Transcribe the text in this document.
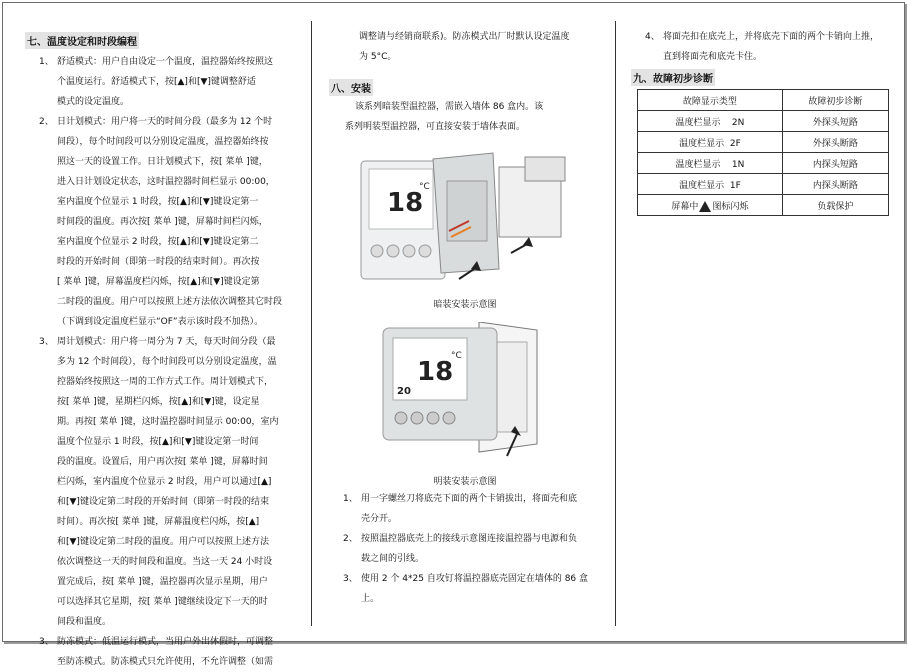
七、温度设定和时段编程

1、 舒适模式：用户自由设定一个温度，温控器始终按照这

个温度运行。舒适模式下，按[▲]和[▼]键调整舒适

模式的设定温度。

2、 日计划模式：用户将一天的时间分段（最多为 12 个时

间段），每个时间段可以分别设定温度，温控器始终按

照这一天的设置工作。日计划模式下，按[ 菜单 ]键，

进入日计划设定状态，这时温控器时间栏显示 00:00，

室内温度个位显示 1 时段，按[▲]和[▼]键设定第一

时间段的温度。再次按[ 菜单 ]键，屏幕时间栏闪烁，

室内温度个位显示 2 时段，按[▲]和[▼]键设定第二

时段的开始时间（即第一时段的结束时间）。再次按

[ 菜单 ]键，屏幕温度栏闪烁，按[▲]和[▼]键设定第

二时段的温度。用户可以按照上述方法依次调整其它时段

（下调到设定温度栏显示“OF”表示该时段不加热）。

3、 周计划模式：用户将一周分为 7 天，每天时间分段（最

多为 12 个时间段），每个时间段可以分别设定温度，温

控器始终按照这一周的工作方式工作。周计划模式下，

按[ 菜单 ]键，星期栏闪烁，按[▲]和[▼]键，设定星

期。再按[ 菜单 ]键，这时温控器时间显示 00:00，室内

温度个位显示 1 时段，按[▲]和[▼]键设定第一时间

段的温度。设置后，用户再次按[ 菜单 ]键，屏幕时间

栏闪烁，室内温度个位显示 2 时段，用户可以通过[▲]

和[▼]键设定第二时段的开始时间（即第一时段的结束

时间）。再次按[ 菜单 ]键，屏幕温度栏闪烁，按[▲]

和[▼]键设定第二时段的温度。用户可以按照上述方法

依次调整这一天的时间段和温度。当这一天 24 小时设

置完成后，按[ 菜单 ]键，温控器再次显示星期，用户

可以选择其它星期，按[ 菜单 ]键继续设定下一天的时

间段和温度。

3、 防冻模式：低温运行模式，当用户外出休假时，可调整

至防冻模式。防冻模式只允许使用，不允许调整（如需

调整请与经销商联系)。防冻模式出厂时默认设定温度

为 5°C。

八、安装

该系列暗装型温控器，需嵌入墙体 86 盒内。该

系列明装型温控器，可直接安装于墙体表面。

18
°C

暗装安装示意图

18
°C
20

明装安装示意图

1、 用一字螺丝刀将底壳下面的两个卡销拔出，将面壳和底

壳分开。

2、 按照温控器底壳上的接线示意图连接温控器与电源和负

载之间的引线。

3、 使用 2 个 4*25 自攻钉将温控器底壳固定在墙体的 86 盒

上。

4、 将面壳扣在底壳上，并将底壳下面的两个卡销向上推，

直到将面壳和底壳卡住。

九、故障初步诊断

故障显示类型	故障初步诊断
温度栏显示    2N	外探头短路
温度栏显示  2F	外探头断路
温度栏显示    1N	内探头短路
温度栏显示  1F	内探头断路
屏幕中 图标闪烁	负载保护
